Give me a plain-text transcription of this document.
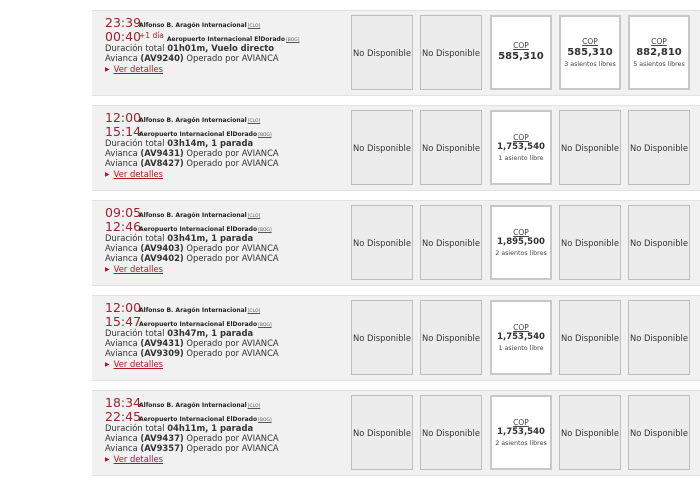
23:39Alfonso B. Aragón Internacional[CLO]
00:40+1 día Aeropuerto Internacional ElDorado[BOG]
Duración total 01h01m, Vuelo directo
Avianca (AV9240) Operado por AVIANCA
▶ Ver detalles
No Disponible No Disponible
COP
585,310
COP
585,310
3 asientos libres
COP
882,810
5 asientos libres
12:00Alfonso B. Aragón Internacional[CLO]
15:14Aeropuerto Internacional ElDorado[BOG]
Duración total 03h14m, 1 parada
Avianca (AV9431) Operado por AVIANCA
Avianca (AV8427) Operado por AVIANCA
▶ Ver detalles
No Disponible No Disponible
COP
1,753,540
1 asiento libre
No Disponible No Disponible
09:05Alfonso B. Aragón Internacional[CLO]
12:46Aeropuerto Internacional ElDorado[BOG]
Duración total 03h41m, 1 parada
Avianca (AV9403) Operado por AVIANCA
Avianca (AV9402) Operado por AVIANCA
▶ Ver detalles
No Disponible No Disponible
COP
1,895,500
2 asientos libres
No Disponible No Disponible
12:00Alfonso B. Aragón Internacional[CLO]
15:47Aeropuerto Internacional ElDorado[BOG]
Duración total 03h47m, 1 parada
Avianca (AV9431) Operado por AVIANCA
Avianca (AV9309) Operado por AVIANCA
▶ Ver detalles
No Disponible No Disponible
COP
1,753,540
1 asiento libre
No Disponible No Disponible
18:34Alfonso B. Aragón Internacional[CLO]
22:45Aeropuerto Internacional ElDorado[BOG]
Duración total 04h11m, 1 parada
Avianca (AV9437) Operado por AVIANCA
Avianca (AV9357) Operado por AVIANCA
▶ Ver detalles
No Disponible No Disponible
COP
1,753,540
2 asientos libres
No Disponible No Disponible
